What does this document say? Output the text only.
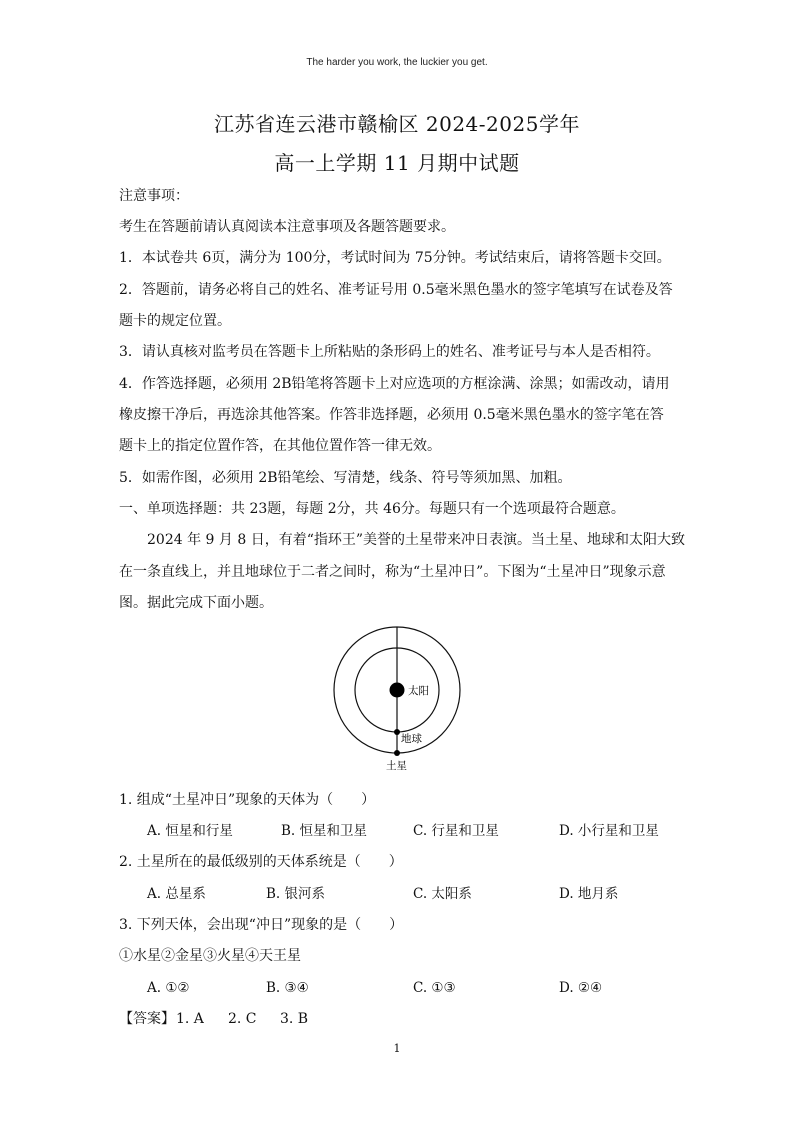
The harder you work, the luckier you get.
江苏省连云港市赣榆区 2024-2025学年
高一上学期 11 月期中试题
注意事项：
考生在答题前请认真阅读本注意事项及各题答题要求。
1．本试卷共 6页，满分为 100分，考试时间为 75分钟。考试结束后，请将答题卡交回。
2．答题前，请务必将自己的姓名、准考证号用 0.5毫米黑色墨水的签字笔填写在试卷及答
题卡的规定位置。
3．请认真核对监考员在答题卡上所粘贴的条形码上的姓名、准考证号与本人是否相符。
4．作答选择题，必须用 2B铅笔将答题卡上对应选项的方框涂满、涂黑；如需改动，请用
橡皮擦干净后，再选涂其他答案。作答非选择题，必须用 0.5毫米黑色墨水的签字笔在答
题卡上的指定位置作答，在其他位置作答一律无效。
5．如需作图，必须用 2B铅笔绘、写清楚，线条、符号等须加黑、加粗。
一、单项选择题：共 23题，每题 2分，共 46分。每题只有一个选项最符合题意。
2024 年 9 月 8 日，有着“指环王”美誉的土星带来冲日表演。当土星、地球和太阳大致
在一条直线上，并且地球位于二者之间时，称为“土星冲日”。下图为“土星冲日”现象示意
图。据此完成下面小题。
太阳
地球
土星
1. 组成“土星冲日”现象的天体为（　　）
A. 恒星和行星	B. 恒星和卫星	C. 行星和卫星	D. 小行星和卫星
2. 土星所在的最低级别的天体系统是（　　）
A. 总星系	B. 银河系	C. 太阳系	D. 地月系
3. 下列天体，会出现“冲日”现象的是（　　）
①水星②金星③火星④天王星
A. ①②	B. ③④	C. ①③	D. ②④
【答案】 1. A 2. C 3. B
1
